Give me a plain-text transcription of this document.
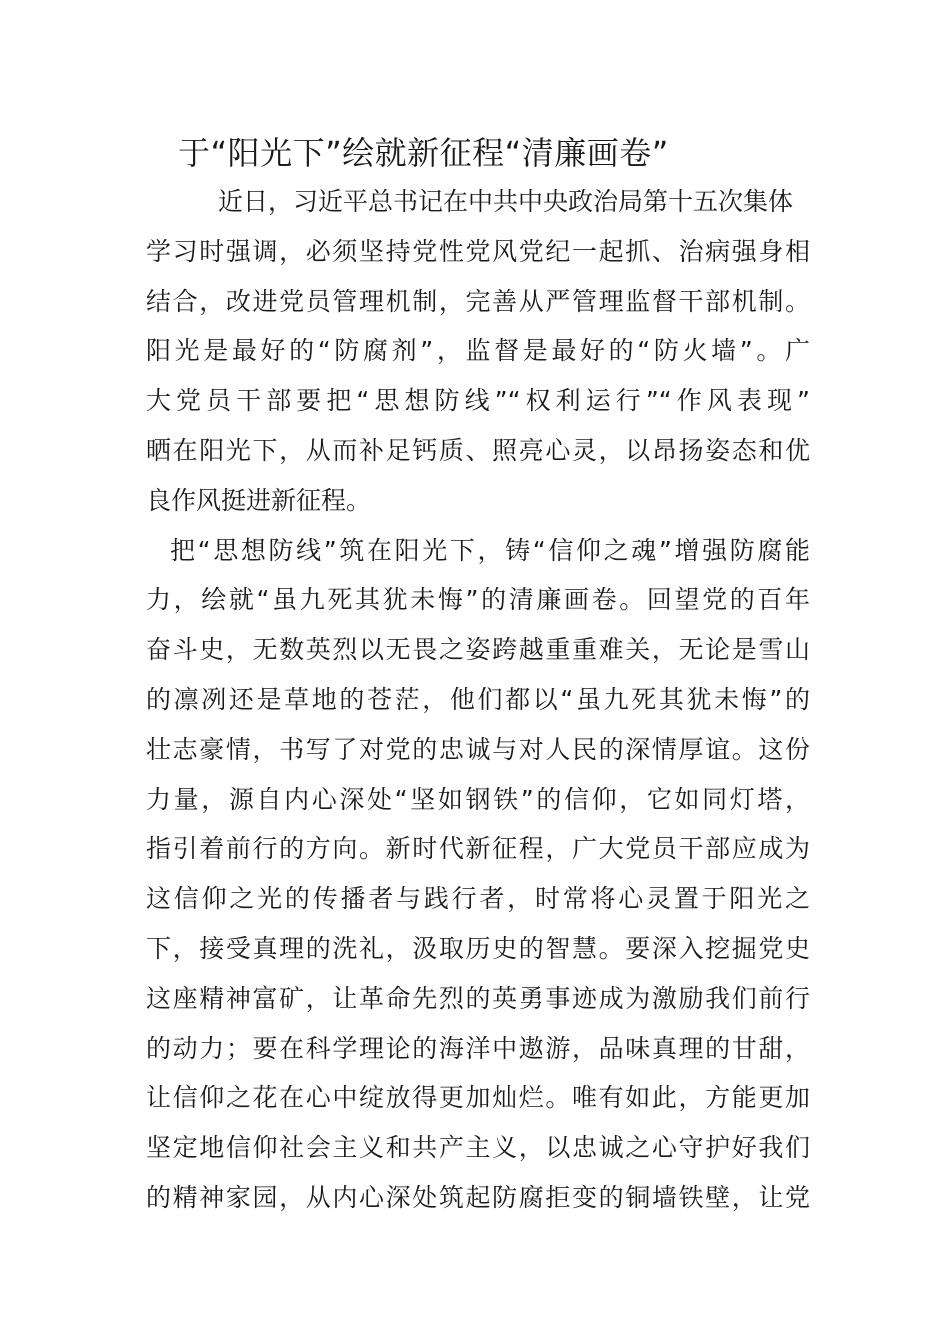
于“阳光下”绘就新征程“清廉画卷”
近日，习近平总书记在中共中央政治局第十五次集体
学习时强调，必须坚持党性党风党纪一起抓、治病强身相
结合，改进党员管理机制，完善从严管理监督干部机制。
阳光是最好的“防腐剂”，监督是最好的“防火墙”。广
大党员干部要把“思想防线”“权利运行”“作风表现”
晒在阳光下，从而补足钙质、照亮心灵，以昂扬姿态和优
良作风挺进新征程。
把“思想防线”筑在阳光下，铸“信仰之魂”增强防腐能
力，绘就“虽九死其犹未悔”的清廉画卷。回望党的百年
奋斗史，无数英烈以无畏之姿跨越重重难关，无论是雪山
的凛冽还是草地的苍茫，他们都以“虽九死其犹未悔”的
壮志豪情，书写了对党的忠诚与对人民的深情厚谊。这份
力量，源自内心深处“坚如钢铁”的信仰，它如同灯塔，
指引着前行的方向。新时代新征程，广大党员干部应成为
这信仰之光的传播者与践行者，时常将心灵置于阳光之
下，接受真理的洗礼，汲取历史的智慧。要深入挖掘党史
这座精神富矿，让革命先烈的英勇事迹成为激励我们前行
的动力；要在科学理论的海洋中遨游，品味真理的甘甜，
让信仰之花在心中绽放得更加灿烂。唯有如此，方能更加
坚定地信仰社会主义和共产主义，以忠诚之心守护好我们
的精神家园，从内心深处筑起防腐拒变的铜墙铁壁，让党
